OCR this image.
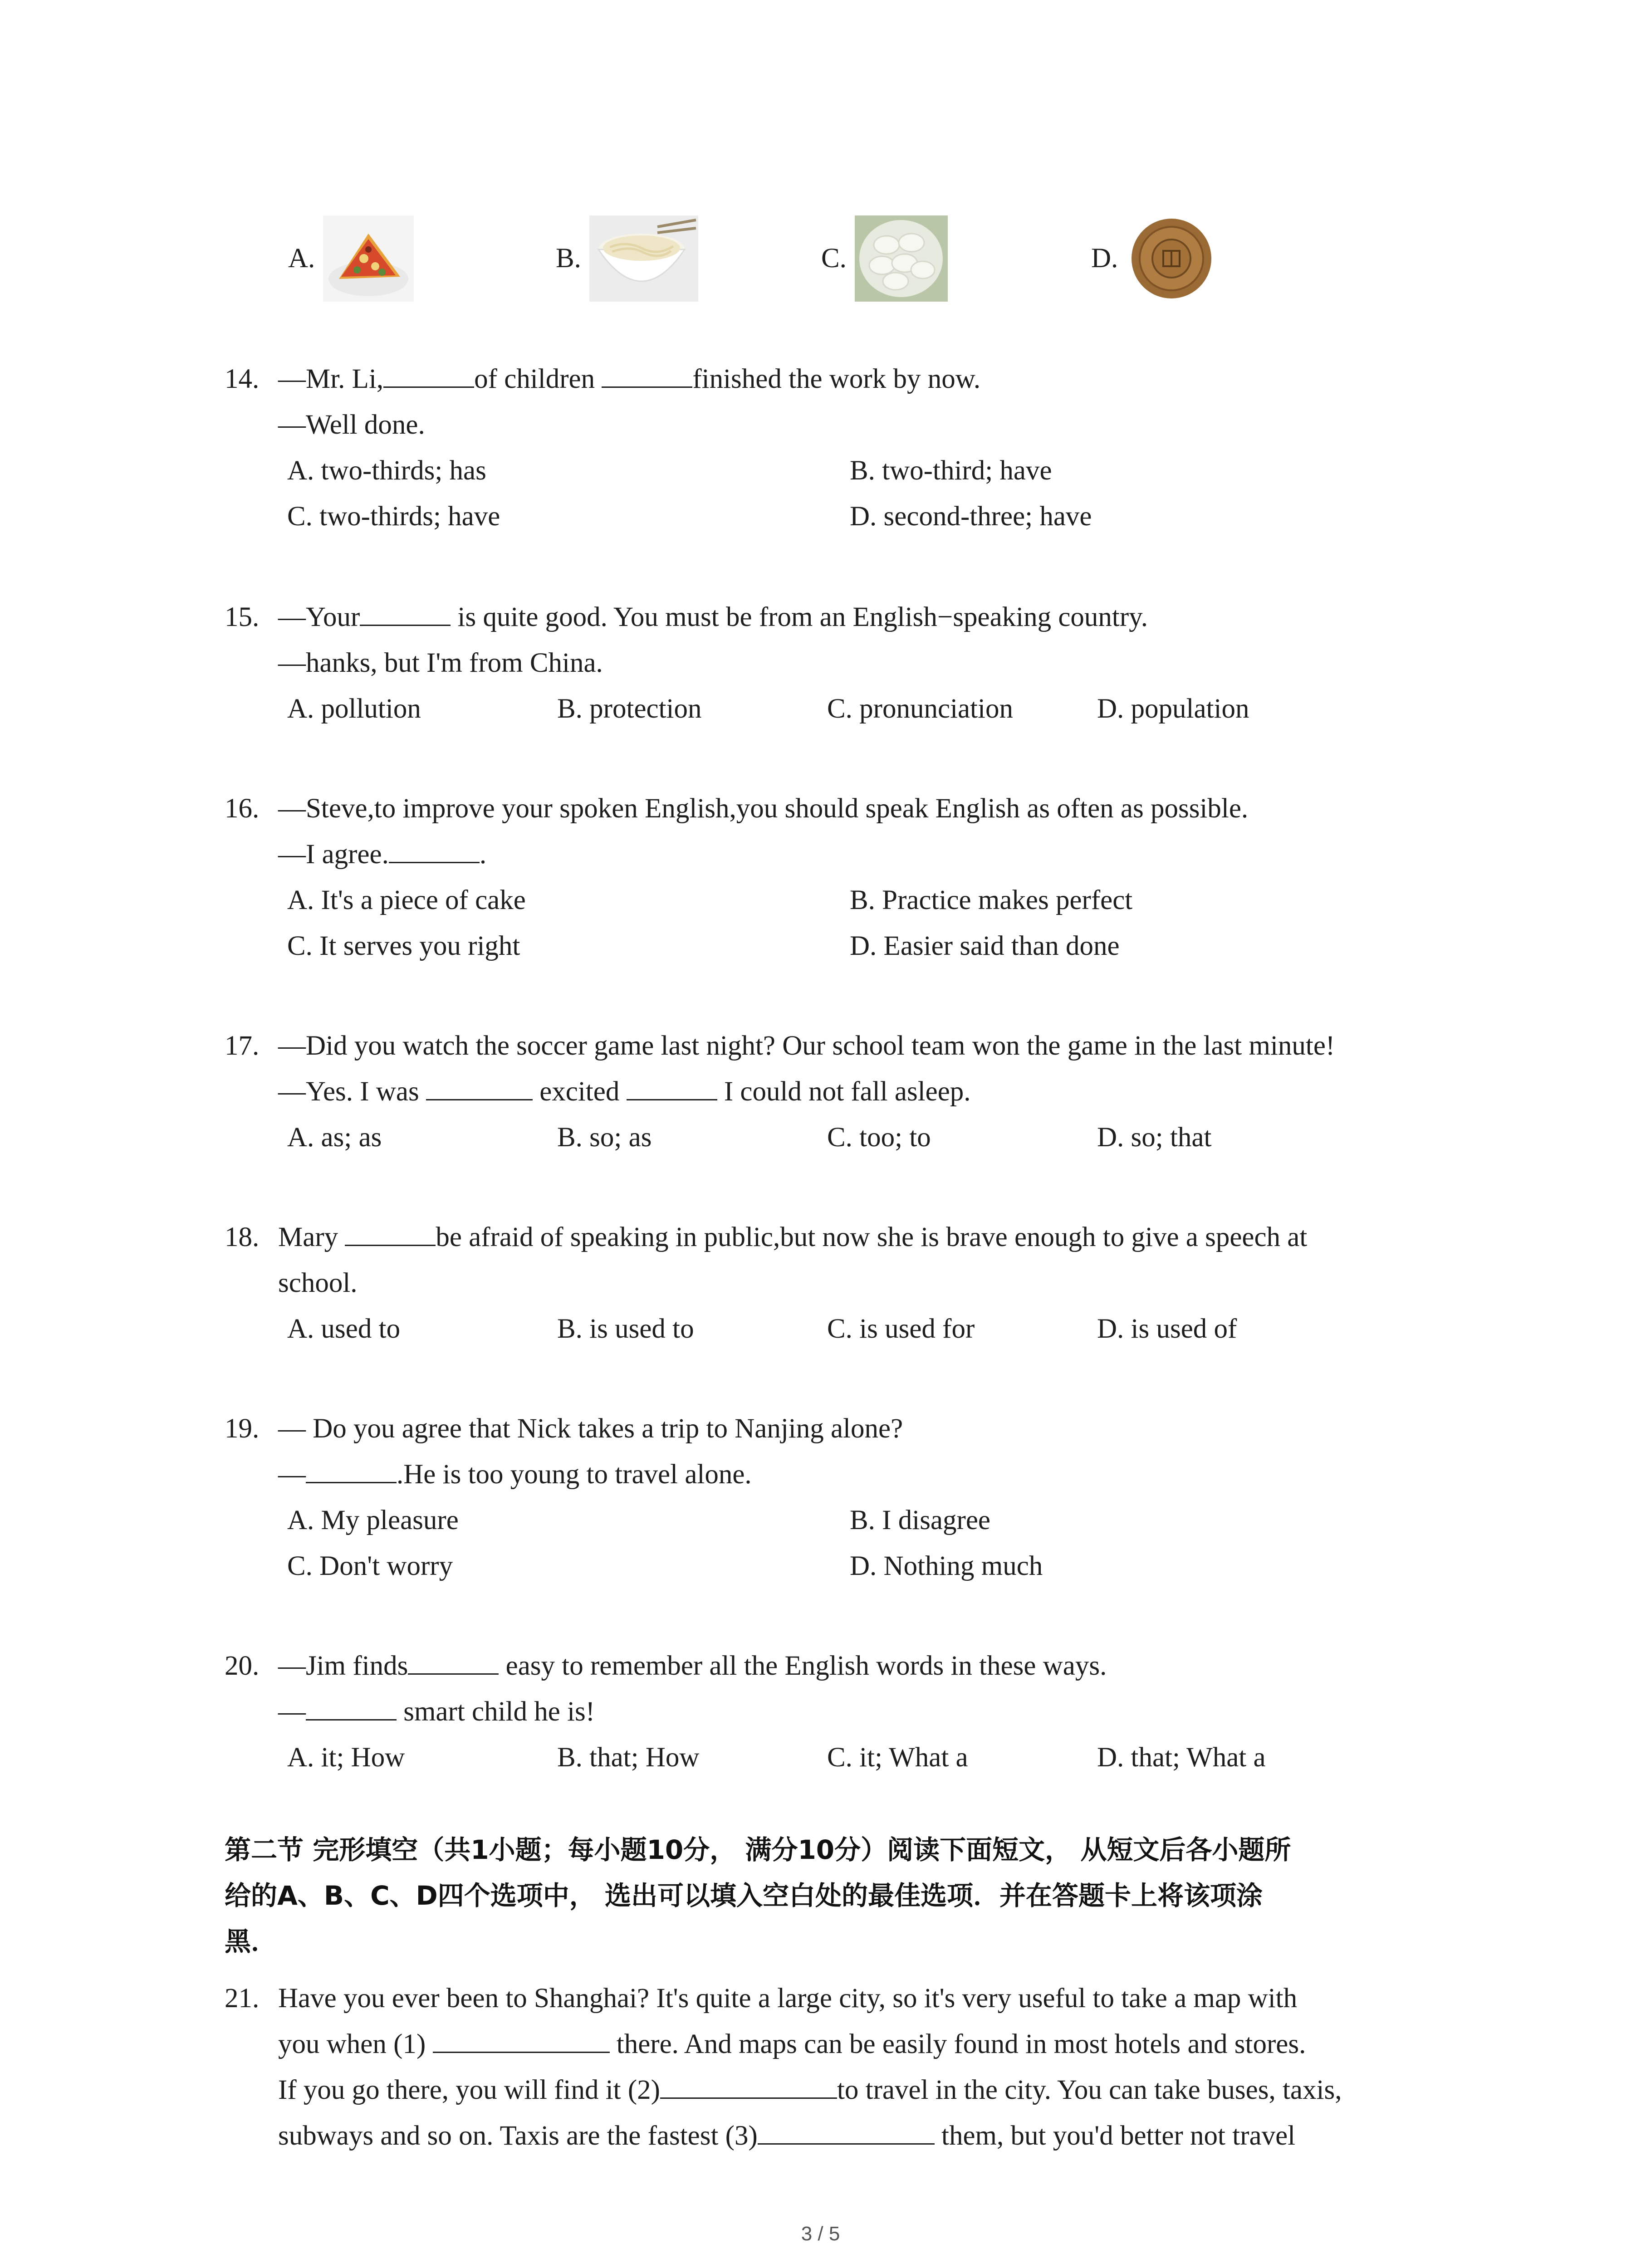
A.	B.	C.	D.
14. —Mr. Li,	of children	finished the work by now.
—Well done.
A. two-thirds; has	B. two-third; have
C. two-thirds; have	D. second-three; have
15. —Your	is quite good. You must be from an English−speaking country.
—hanks, but I'm from China.
A. pollution	B. protection	C. pronunciation	D. population
16. —Steve,to improve your spoken English,you should speak English as often as possible.
—I agree.	.
A. It's a piece of cake	B. Practice makes perfect
C. It serves you right	D. Easier said than done
17. —Did you watch the soccer game last night? Our school team won the game in the last minute!
—Yes. I was	excited	I could not fall asleep.
A. as; as	B. so; as	C. too; to	D. so; that
18. Mary	be afraid of speaking in public,but now she is brave enough to give a speech at
school.
A. used to	B. is used to	C. is used for	D. is used of
19. — Do you agree that Nick takes a trip to Nanjing alone?
—	.He is too young to travel alone.
A. My pleasure	B. I disagree
C. Don't worry	D. Nothing much
20. —Jim finds	easy to remember all the English words in these ways.
—	smart child he is!
A. it; How	B. that; How	C. it; What a	D. that; What a
第二节 完形填空（共1小题；每小题10分， 满分10分）阅读下面短文， 从短文后各小题所
给的A、B、C、D四个选项中， 选出可以填入空白处的最佳选项．并在答题卡上将该项涂
黑．
21. Have you ever been to Shanghai? It's quite a large city, so it's very useful to take a map with
you when (1)	there. And maps can be easily found in most hotels and stores.
If you go there, you will find it (2)	to travel in the city. You can take buses, taxis,
subways and so on. Taxis are the fastest (3)	them, but you'd better not travel
3 / 5
